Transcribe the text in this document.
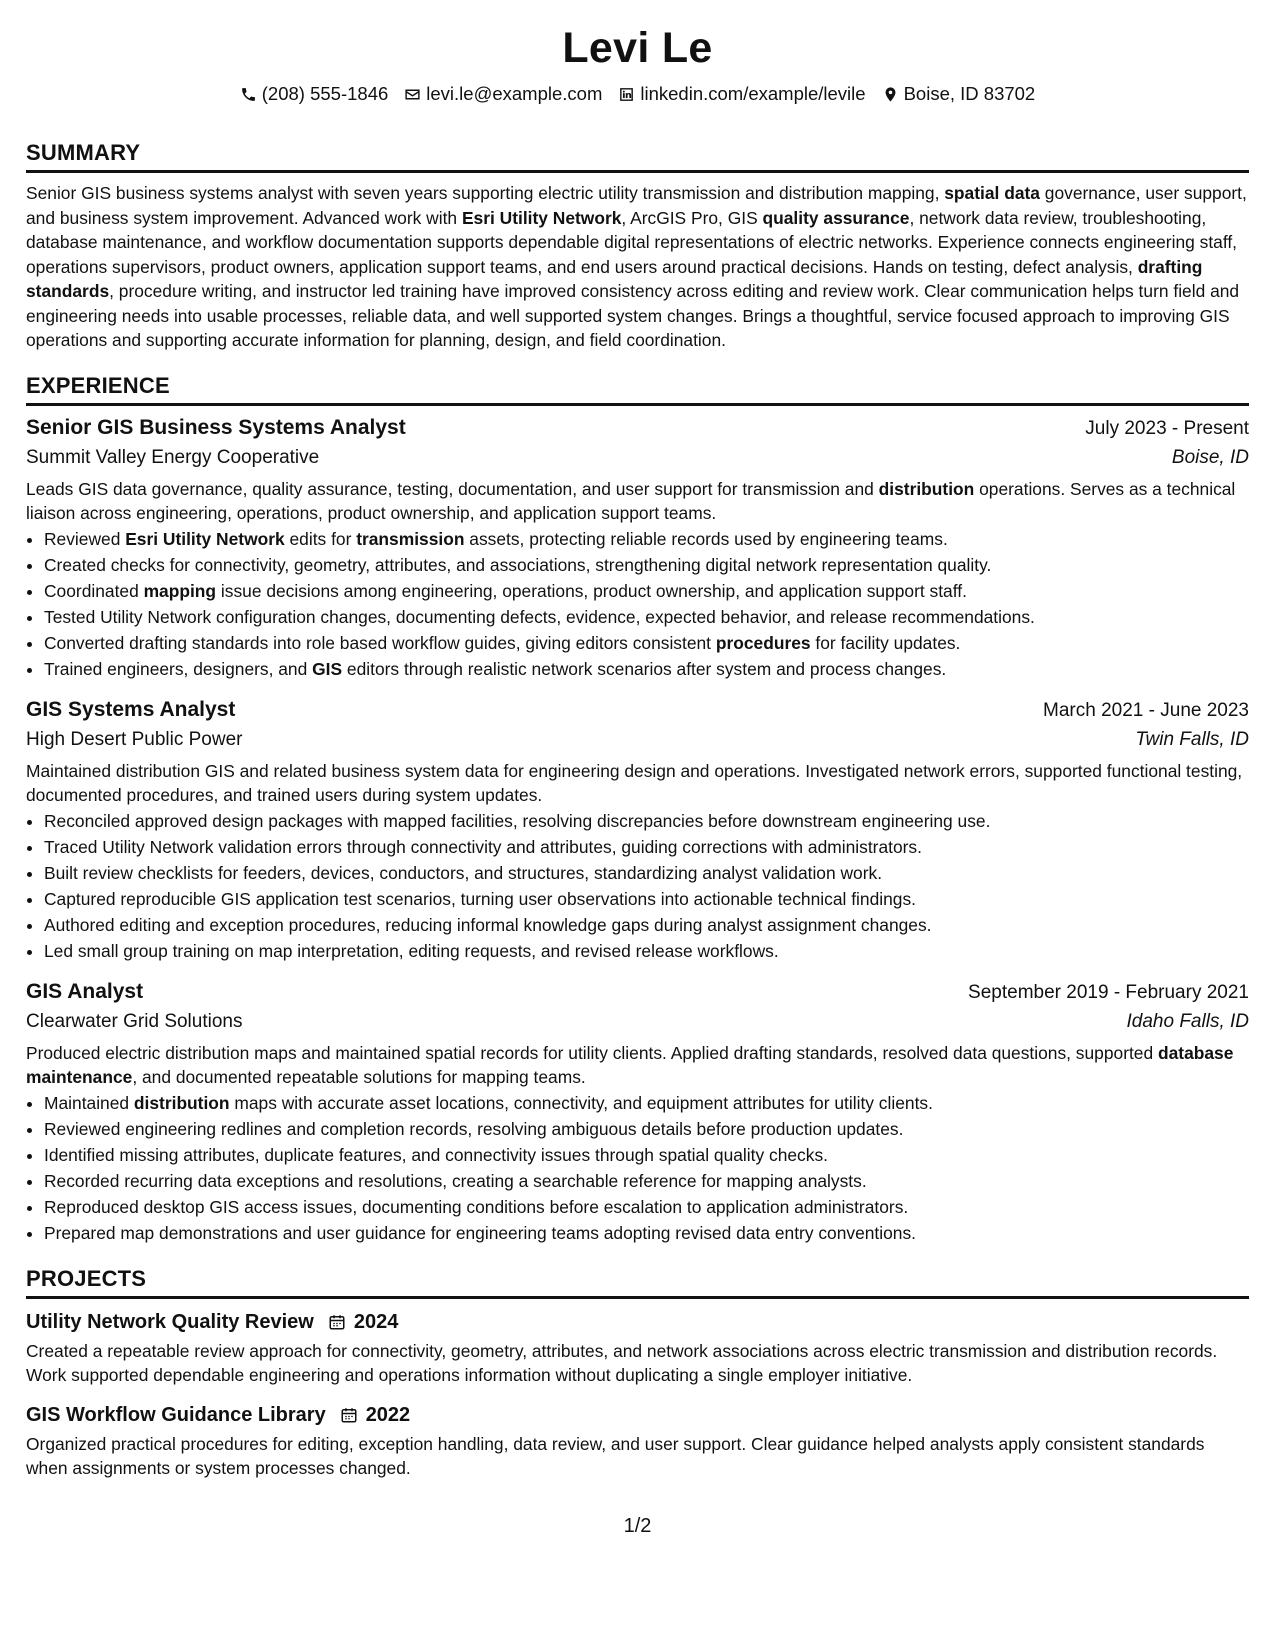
Levi Le
(208) 555-1846 levi.le@example.com linkedin.com/example/levile Boise, ID 83702
SUMMARY

Senior GIS business systems analyst with seven years supporting electric utility transmission and distribution mapping, spatial data governance, user support, and business system improvement. Advanced work with Esri Utility Network, ArcGIS Pro, GIS quality assurance, network data review, troubleshooting, database maintenance, and workflow documentation supports dependable digital representations of electric networks. Experience connects engineering staff, operations supervisors, product owners, application support teams, and end users around practical decisions. Hands on testing, defect analysis, drafting standards, procedure writing, and instructor led training have improved consistency across editing and review work. Clear communication helps turn field and engineering needs into usable processes, reliable data, and well supported system changes. Brings a thoughtful, service focused approach to improving GIS operations and supporting accurate information for planning, design, and field coordination.

EXPERIENCE
Senior GIS Business Systems Analyst	July 2023 - Present
Summit Valley Energy Cooperative	Boise, ID

Leads GIS data governance, quality assurance, testing, documentation, and user support for transmission and distribution operations. Serves as a technical liaison across engineering, operations, product ownership, and application support teams.

• Reviewed Esri Utility Network edits for transmission assets, protecting reliable records used by engineering teams.
• Created checks for connectivity, geometry, attributes, and associations, strengthening digital network representation quality.
• Coordinated mapping issue decisions among engineering, operations, product ownership, and application support staff.
• Tested Utility Network configuration changes, documenting defects, evidence, expected behavior, and release recommendations.
• Converted drafting standards into role based workflow guides, giving editors consistent procedures for facility updates.
• Trained engineers, designers, and GIS editors through realistic network scenarios after system and process changes.
GIS Systems Analyst	March 2021 - June 2023
High Desert Public Power	Twin Falls, ID

Maintained distribution GIS and related business system data for engineering design and operations. Investigated network errors, supported functional testing, documented procedures, and trained users during system updates.

• Reconciled approved design packages with mapped facilities, resolving discrepancies before downstream engineering use.
• Traced Utility Network validation errors through connectivity and attributes, guiding corrections with administrators.
• Built review checklists for feeders, devices, conductors, and structures, standardizing analyst validation work.
• Captured reproducible GIS application test scenarios, turning user observations into actionable technical findings.
• Authored editing and exception procedures, reducing informal knowledge gaps during analyst assignment changes.
• Led small group training on map interpretation, editing requests, and revised release workflows.
GIS Analyst	September 2019 - February 2021
Clearwater Grid Solutions	Idaho Falls, ID

Produced electric distribution maps and maintained spatial records for utility clients. Applied drafting standards, resolved data questions, supported database maintenance, and documented repeatable solutions for mapping teams.

• Maintained distribution maps with accurate asset locations, connectivity, and equipment attributes for utility clients.
• Reviewed engineering redlines and completion records, resolving ambiguous details before production updates.
• Identified missing attributes, duplicate features, and connectivity issues through spatial quality checks.
• Recorded recurring data exceptions and resolutions, creating a searchable reference for mapping analysts.
• Reproduced desktop GIS access issues, documenting conditions before escalation to application administrators.
• Prepared map demonstrations and user guidance for engineering teams adopting revised data entry conventions.
PROJECTS
Utility Network Quality Review 2024

Created a repeatable review approach for connectivity, geometry, attributes, and network associations across electric transmission and distribution records. Work supported dependable engineering and operations information without duplicating a single employer initiative.

GIS Workflow Guidance Library 2022

Organized practical procedures for editing, exception handling, data review, and user support. Clear guidance helped analysts apply consistent standards when assignments or system processes changed.

1/2
